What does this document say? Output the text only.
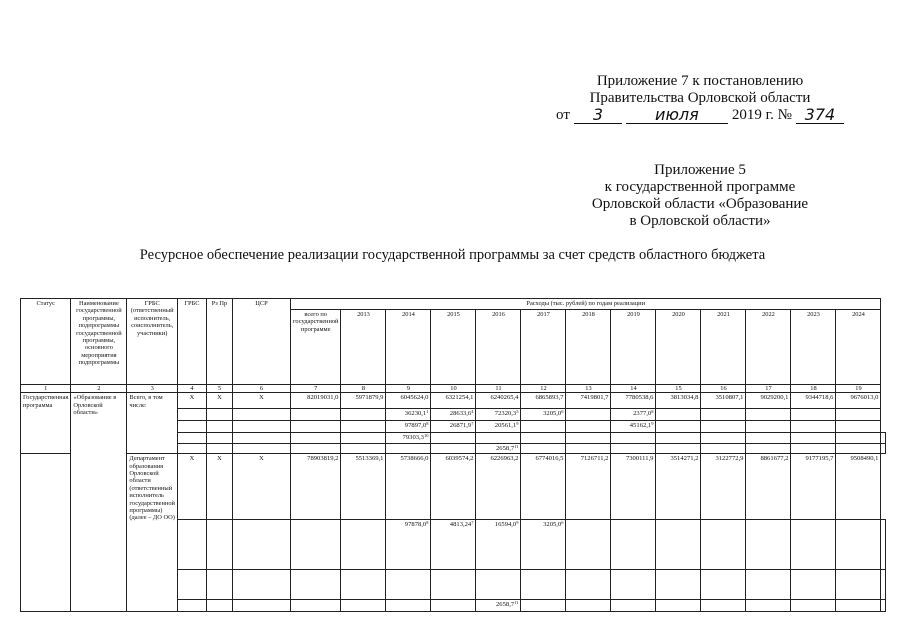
Приложение 7 к постановлению
Правительства Орловской области
от	3	июля	2019 г. № 374
Приложение 5
к государственной программе
Орловской области «Образование
в Орловской области»
Ресурсное обеспечение реализации государственной программы за счет средств областного бюджета
Статус	Наименование государственной программы, подпрограммы государственной программы, основного мероприятия подпрограммы	ГРБС (ответственный исполнитель, соисполнитель, участники)	ГРБС	Рз Пр	ЦСР	Расходы (тыс. рублей) по годам реализации													
						всего по государственной программе	2013	2014	2015	2016	2017	2018	2019	2020	2021	2022	2023	2024	
1	2	3	4	5	6	7	8	9	10	11	12	13	14	15	16	17	18	19	
Государственная программа	«Образование в Орловской области»	Всего, в том числе:	Х	Х	Х	82019031,0	5971879,9	6045624,0	6321254,1	6240265,4	6865893,7	7419801,7	7780538,6	3813034,8	3510807,1	9029200,1	9344718,6	9676013,0	
								36230,1$^1$	28633,6$^4$	72320,3$^5$	3205,0$^6$		2377,0$^8$					
								97897,0$^8$	26871,9$^7$	20561,1$^9$			45162,1$^9$					
								79303,3$^{10}$											
										2658,7$^{11}$									
		Департамент образования Орловской области (ответственный исполнитель государственной программы) (далее – ДО ОО)	Х	Х	Х	78903819,2	5513369,1	5738666,0	6039574,2	6226963,2	6774016,5	7126711,2	7300111,9	3514271,2	3122772,9	8861677,2	9177195,7	9508490,1	
								97878,0$^8$	4813,24$^7$	16594,0$^9$	3205,0$^6$								

										2658,7$^{11}$									
